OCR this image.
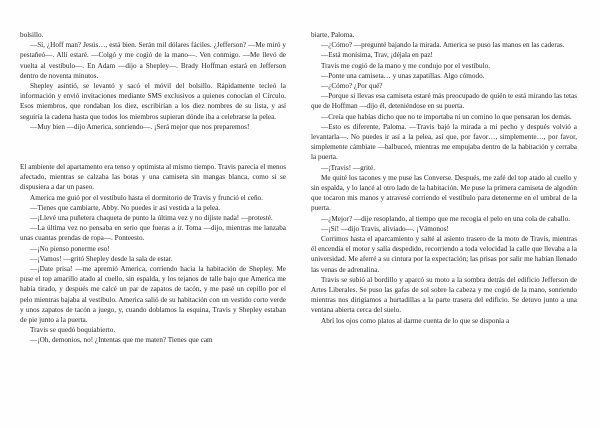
bolsillo.

—Sí, ¿Hoff man? Jesús…, está bien. Serán mil dólares fáciles. ¿Jefferson? —Me miró y pestañeó—. Allí estaré. —Colgó y me cogió de la mano—. Ven conmigo. —Me llevó de vuelta al vestíbulo—. En Adam —dijo a Shepley—. Brady Hoffman estará en Jefferson dentro de noventa minutos.

Shepley asintió, se levantó y sacó el móvil del bolsillo. Rápidamente tecleó la información y envió invitaciones mediante SMS exclusivos a quienes conocían el Círculo. Esos miembros, que rondaban los diez, escribirían a los diez nombres de su lista, y así seguiría la cadena hasta que todos los miembros supieran dónde iba a celebrarse la pelea.

—Muy bien —dijo America, sonriendo—. ¡Será mejor que nos preparemos!

El ambiente del apartamento era tenso y optimista al mismo tiempo. Travis parecía el menos afectado, mientras se calzaba las botas y una camiseta sin mangas blanca, como si se dispusiera a dar un paseo.

America me guió por el vestíbulo hasta el dormitorio de Travis y frunció el ceño.

—Tienes que cambiarte, Abby. No puedes ir así vestida a la pelea.

—¡Llevé una puñetera chaqueta de punto la última vez y no dijiste nada! —protesté.

—La última vez no pensaba en serio que fueras a ir. Toma —dijo, mientras me lanzaba unas cuantas prendas de ropa—. Ponteesto.

—¡No pienso ponerme eso!

—¡Vamos! —gritó Shepley desde la sala de estar.

—¡Date prisa! —me apremió America, corriendo hacia la habitación de Shepley. Me puse el top amarillo atado al cuello, sin espalda, y los tejanos de talle bajo que America me había tirado, y después me calcé un par de zapatos de tacón, y me pasé un cepillo por el pelo mientras bajaba al vestíbulo. America salió de su habitación con un vestido corto verde y unos zapatos de tacón a juego, y, cuando doblamos la esquina, Travis y Shepley estaban de pie junto a la puerta.

Travis se quedó boquiabierto.

—¡Oh, demonios, no! ¿Intentas que me maten? Tienes que cam

biarte, Paloma.

—¿Cómo? —pregunté bajando la mirada. America se puso las manos en las caderas.

—Está monísima, Trav, ¡déjala en paz!

Travis me cogió de la mano y me condujo por el vestíbulo.

—Ponte una camiseta… y unas zapatillas. Algo cómodo.

—¿Cómo? ¿Por qué?

—Porque si llevas esa camiseta estaré más preocupado de quién te está mirando las tetas que de Hoffman —dijo él, deteniéndose en su puerta.

—Creía que habías dicho que no te importaba ni un comino lo que pensaran los demás.

—Esto es diferente, Paloma. —Travis bajó la mirada a mi pecho y después volvió a levantarla—. No puedes ir así a la pelea, así que, por favor…, simplemente…, por favor, simplemente cámbiate —balbuceó, mientras me empujaba dentro de la habitación y cerraba la puerta.

—¡Travis! —grité.

Me quité los tacones y me puse las Converse. Después, me zafé del top atado al cuello y sin espalda, y lo lancé al otro lado de la habitación. Me puse la primera camiseta de algodón que tocaron mis manos y atravesé corriendo el vestíbulo para detenerme en el umbral de la puerta.

—¿Mejor? —dije resoplando, al tiempo que me recogía el pelo en una cola de caballo.

—¡Sí! —dijo Travis, aliviado—. ¡Vámonos!

Corrimos hasta el aparcamiento y salté al asiento trasero de la moto de Travis, mientras él encendía el motor y salía despedido, recorriendo a toda velocidad la calle que llevaba a la universidad. Me aferré a su cintura por la expectación; las prisas por salir me habían llenado las venas de adrenalina.

Travis se subió al bordillo y aparcó su moto a la sombra detrás del edificio Jefferson de Artes Liberales. Se puso las gafas de sol sobre la cabeza y me cogió de la mano, sonriendo mientras nos dirigíamos a hurtadillas a la parte trasera del edificio. Se detuvo junto a una ventana abierta cerca del suelo.

Abrí los ojos como platos al darme cuenta de lo que se disponía a
